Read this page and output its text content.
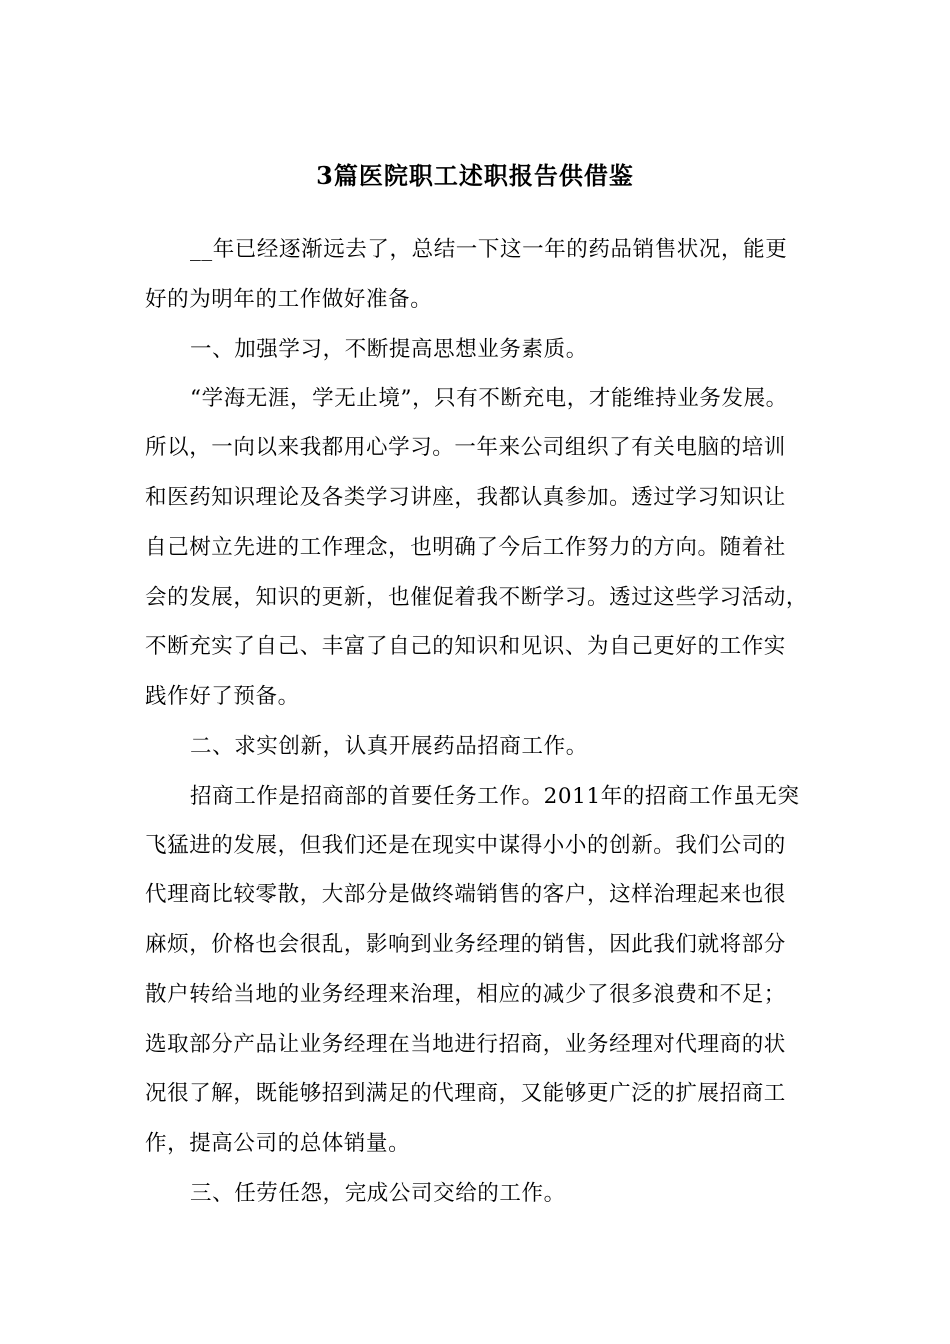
3篇医院职工述职报告供借鉴
__年已经逐渐远去了，总结一下这一年的药品销售状况，能更
好的为明年的工作做好准备。
一、加强学习，不断提高思想业务素质。
“学海无涯，学无止境”，只有不断充电，才能维持业务发展。
所以，一向以来我都用心学习。一年来公司组织了有关电脑的培训
和医药知识理论及各类学习讲座，我都认真参加。透过学习知识让
自己树立先进的工作理念，也明确了今后工作努力的方向。随着社
会的发展，知识的更新，也催促着我不断学习。透过这些学习活动，
不断充实了自己、丰富了自己的知识和见识、为自己更好的工作实
践作好了预备。
二、求实创新，认真开展药品招商工作。
招商工作是招商部的首要任务工作。2011年的招商工作虽无突
飞猛进的发展，但我们还是在现实中谋得小小的创新。我们公司的
代理商比较零散，大部分是做终端销售的客户，这样治理起来也很
麻烦，价格也会很乱，影响到业务经理的销售，因此我们就将部分
散户转给当地的业务经理来治理，相应的减少了很多浪费和不足；
选取部分产品让业务经理在当地进行招商，业务经理对代理商的状
况很了解，既能够招到满足的代理商，又能够更广泛的扩展招商工
作，提高公司的总体销量。
三、任劳任怨，完成公司交给的工作。
